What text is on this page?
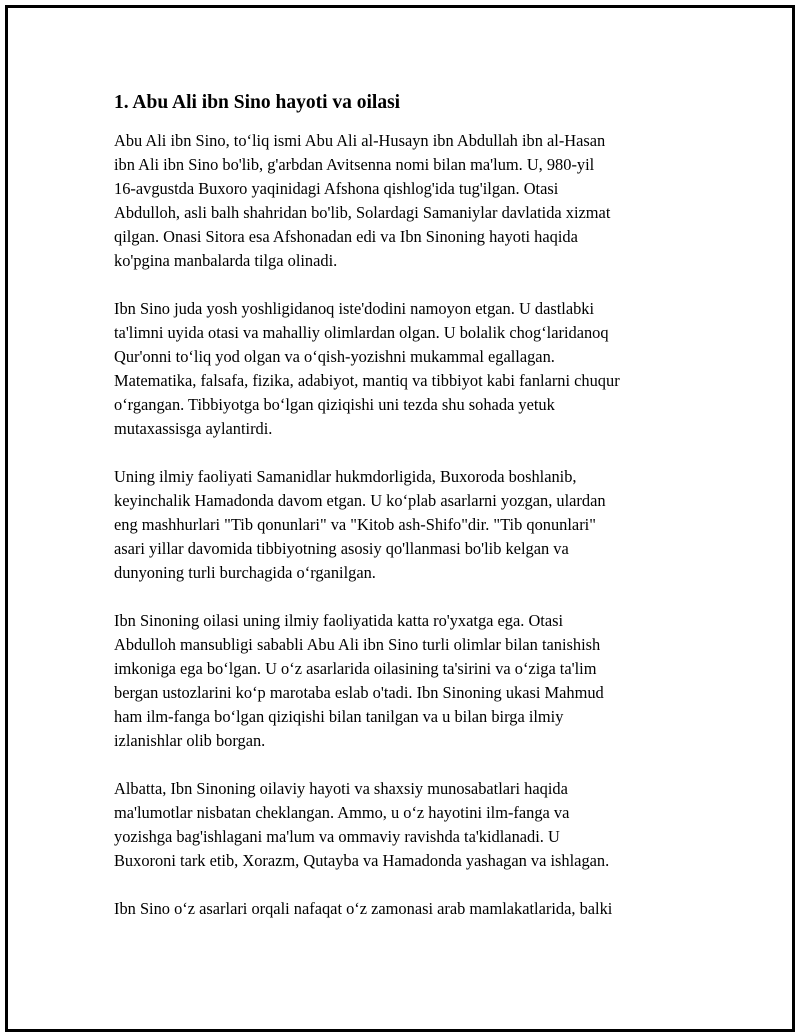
1. Abu Ali ibn Sino hayoti va oilasi

Abu Ali ibn Sino, to‘liq ismi Abu Ali al-Husayn ibn Abdullah ibn al-Hasan
ibn Ali ibn Sino bo'lib, g'arbdan Avitsenna nomi bilan ma'lum. U, 980-yil
16-avgustda Buxoro yaqinidagi Afshona qishlog'ida tug'ilgan. Otasi
Abdulloh, asli balh shahridan bo'lib, Solardagi Samaniylar davlatida xizmat
qilgan. Onasi Sitora esa Afshonadan edi va Ibn Sinoning hayoti haqida
ko'pgina manbalarda tilga olinadi.

Ibn Sino juda yosh yoshligidanoq iste'dodini namoyon etgan. U dastlabki
ta'limni uyida otasi va mahalliy olimlardan olgan. U bolalik chog‘laridanoq
Qur'onni to‘liq yod olgan va o‘qish-yozishni mukammal egallagan.
Matematika, falsafa, fizika, adabiyot, mantiq va tibbiyot kabi fanlarni chuqur
o‘rgangan. Tibbiyotga bo‘lgan qiziqishi uni tezda shu sohada yetuk
mutaxassisga aylantirdi.

Uning ilmiy faoliyati Samanidlar hukmdorligida, Buxoroda boshlanib,
keyinchalik Hamadonda davom etgan. U ko‘plab asarlarni yozgan, ulardan
eng mashhurlari "Tib qonunlari" va "Kitob ash-Shifo"dir. "Tib qonunlari"
asari yillar davomida tibbiyotning asosiy qo'llanmasi bo'lib kelgan va
dunyoning turli burchagida o‘rganilgan.

Ibn Sinoning oilasi uning ilmiy faoliyatida katta ro'yxatga ega. Otasi
Abdulloh mansubligi sababli Abu Ali ibn Sino turli olimlar bilan tanishish
imkoniga ega bo‘lgan. U o‘z asarlarida oilasining ta'sirini va o‘ziga ta'lim
bergan ustozlarini ko‘p marotaba eslab o'tadi. Ibn Sinoning ukasi Mahmud
ham ilm-fanga bo‘lgan qiziqishi bilan tanilgan va u bilan birga ilmiy
izlanishlar olib borgan.

Albatta, Ibn Sinoning oilaviy hayoti va shaxsiy munosabatlari haqida
ma'lumotlar nisbatan cheklangan. Ammo, u o‘z hayotini ilm-fanga va
yozishga bag'ishlagani ma'lum va ommaviy ravishda ta'kidlanadi. U
Buxoroni tark etib, Xorazm, Qutayba va Hamadonda yashagan va ishlagan.

Ibn Sino o‘z asarlari orqali nafaqat o‘z zamonasi arab mamlakatlarida, balki
